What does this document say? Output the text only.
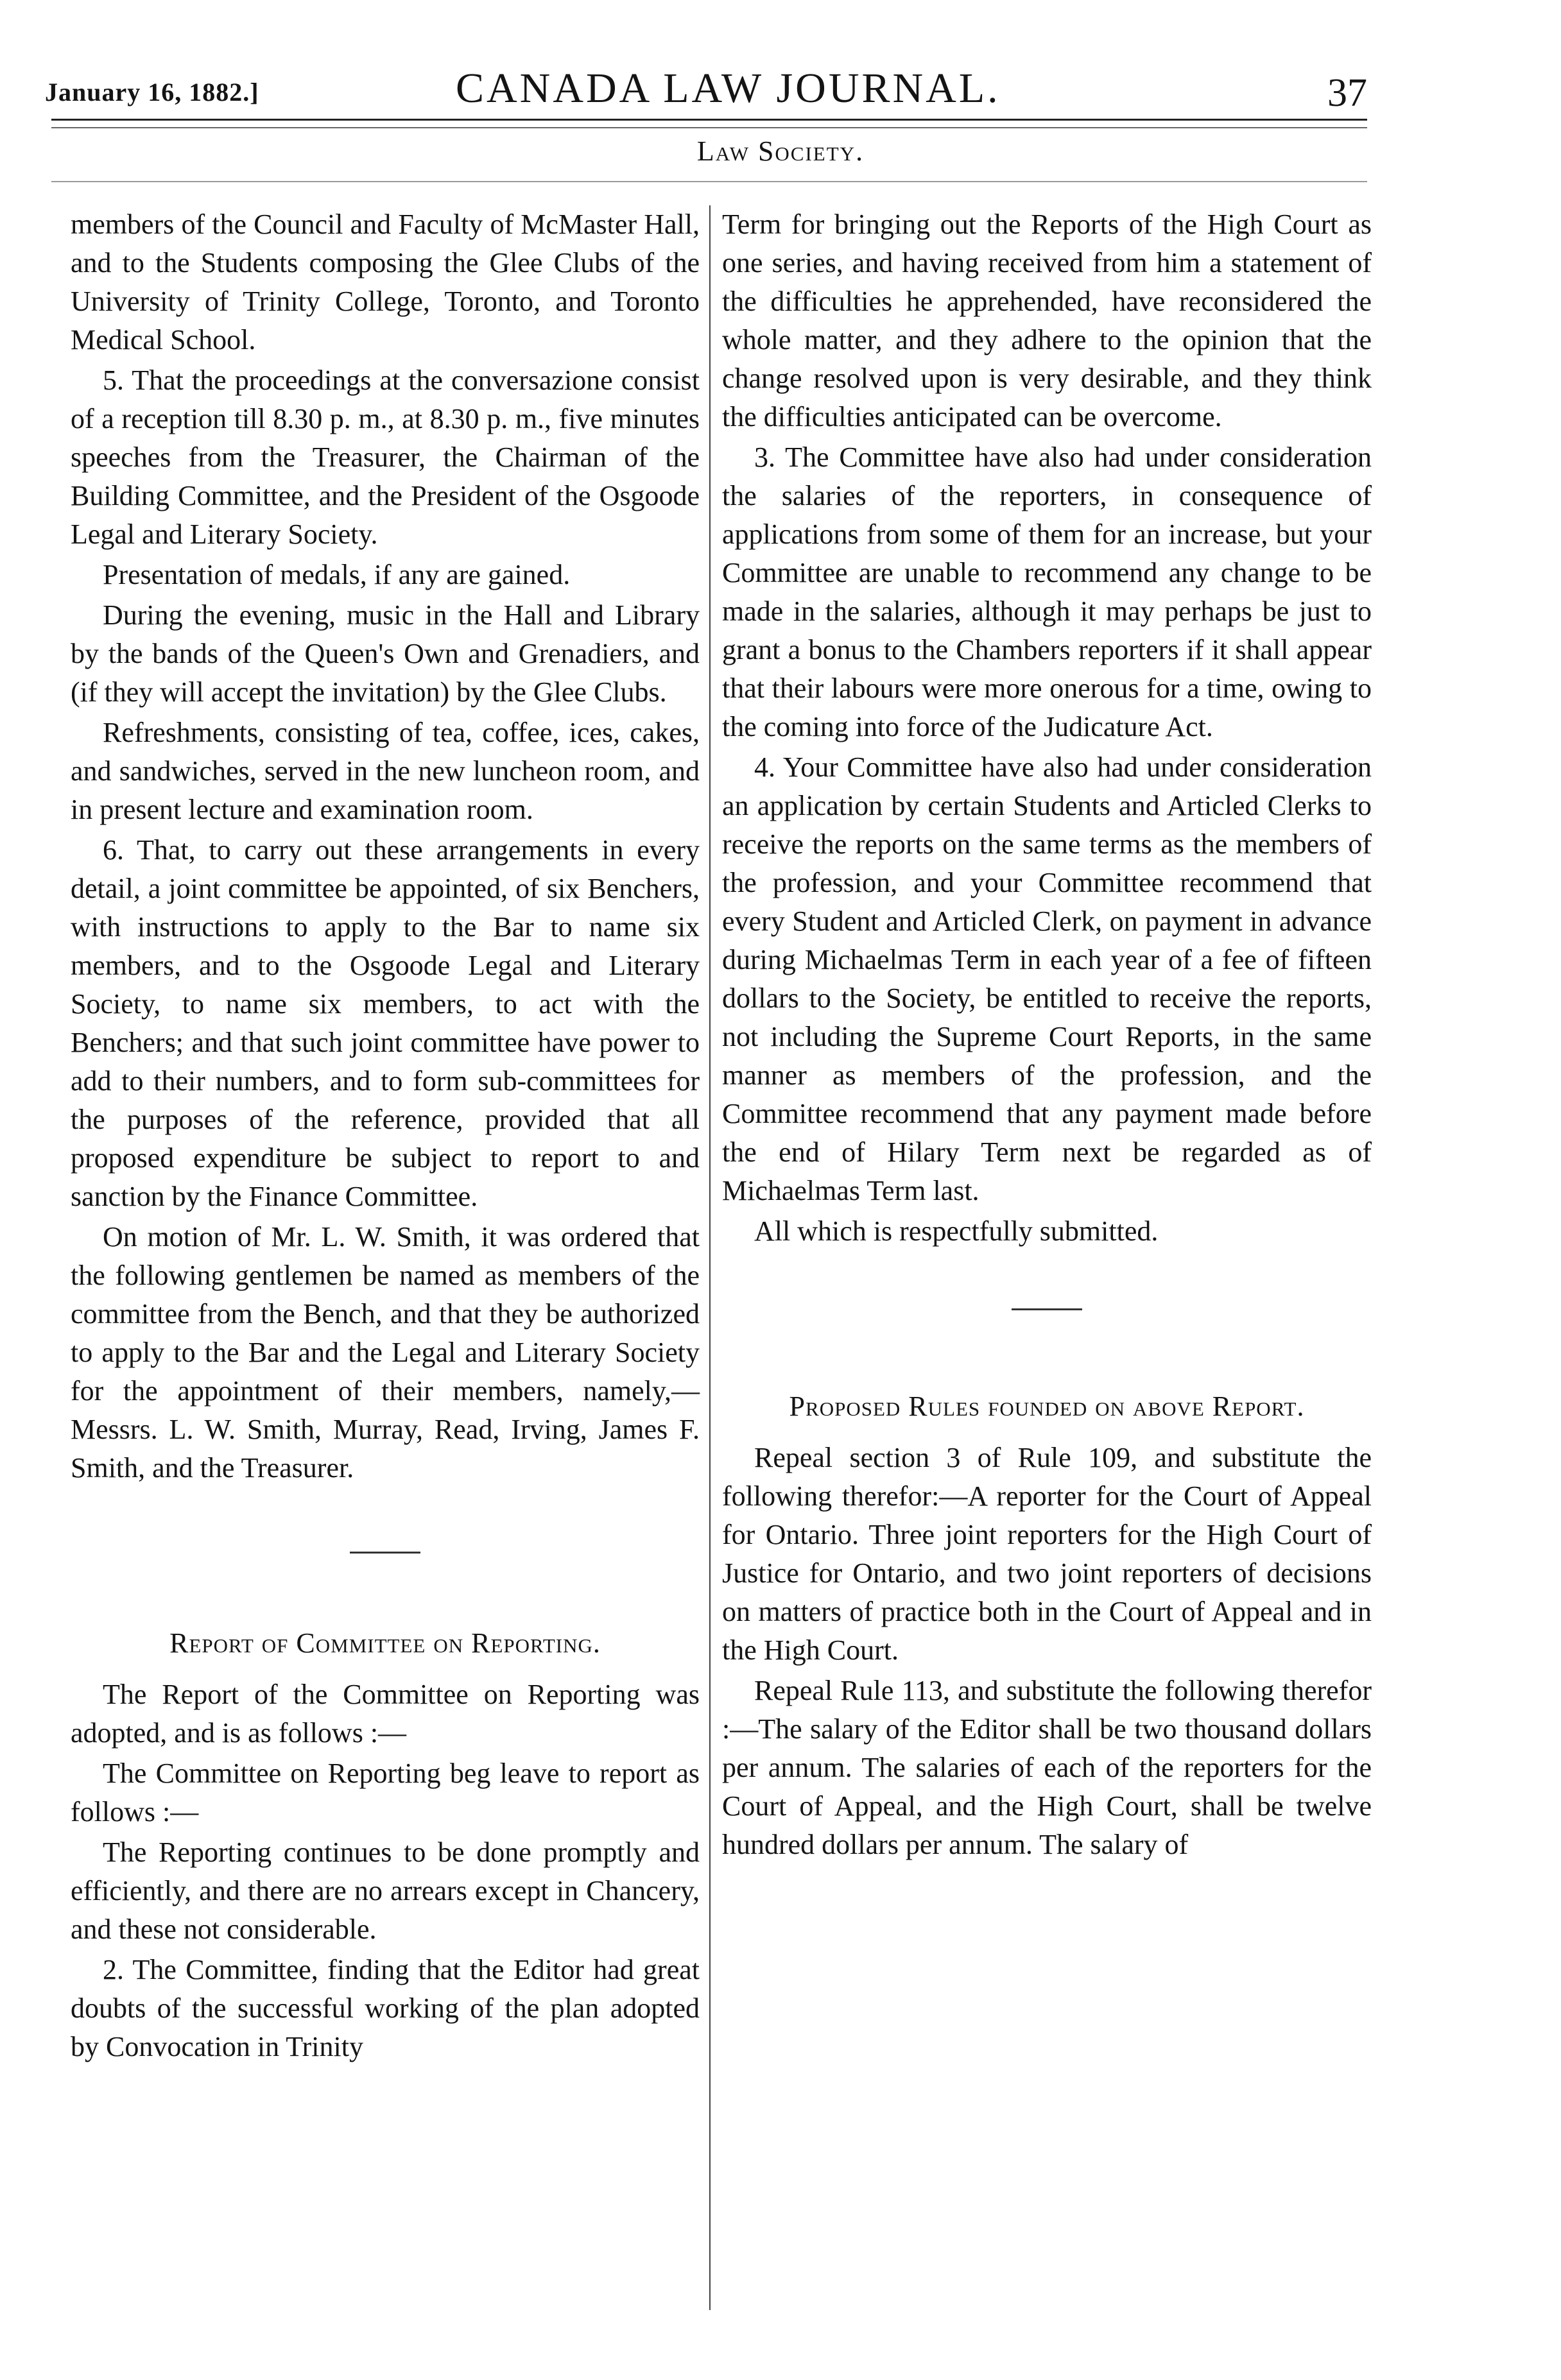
January 16, 1882.]	CANADA LAW JOURNAL.	37
Law Society.

members of the Council and Faculty of McMaster Hall, and to the Students composing the Glee Clubs of the University of Trinity College, Toronto, and Toronto Medical School.

5. That the proceedings at the conversazione consist of a reception till 8.30 p. m., at 8.30 p. m., five minutes speeches from the Treasurer, the Chairman of the Building Committee, and the President of the Osgoode Legal and Literary Society.

Presentation of medals, if any are gained.

During the evening, music in the Hall and Library by the bands of the Queen's Own and Grenadiers, and (if they will accept the invitation) by the Glee Clubs.

Refreshments, consisting of tea, coffee, ices, cakes, and sandwiches, served in the new luncheon room, and in present lecture and examination room.

6. That, to carry out these arrangements in every detail, a joint committee be appointed, of six Benchers, with instructions to apply to the Bar to name six members, and to the Osgoode Legal and Literary Society, to name six members, to act with the Benchers; and that such joint committee have power to add to their numbers, and to form sub-committees for the purposes of the reference, provided that all proposed expenditure be subject to report to and sanction by the Finance Committee.

On motion of Mr. L. W. Smith, it was ordered that the following gentlemen be named as members of the committee from the Bench, and that they be authorized to apply to the Bar and the Legal and Literary Society for the appointment of their members, namely,—Messrs. L. W. Smith, Murray, Read, Irving, James F. Smith, and the Treasurer.

Report of Committee on Reporting.

The Report of the Committee on Reporting was adopted, and is as follows :—

The Committee on Reporting beg leave to report as follows :—

The Reporting continues to be done promptly and efficiently, and there are no arrears except in Chancery, and these not considerable.

2. The Committee, finding that the Editor had great doubts of the successful working of the plan adopted by Convocation in Trinity

Term for bringing out the Reports of the High Court as one series, and having received from him a statement of the difficulties he apprehended, have reconsidered the whole matter, and they adhere to the opinion that the change resolved upon is very desirable, and they think the difficulties anticipated can be overcome.

3. The Committee have also had under consideration the salaries of the reporters, in consequence of applications from some of them for an increase, but your Committee are unable to recommend any change to be made in the salaries, although it may perhaps be just to grant a bonus to the Chambers reporters if it shall appear that their labours were more onerous for a time, owing to the coming into force of the Judicature Act.

4. Your Committee have also had under consideration an application by certain Students and Articled Clerks to receive the reports on the same terms as the members of the profession, and your Committee recommend that every Student and Articled Clerk, on payment in advance during Michaelmas Term in each year of a fee of fifteen dollars to the Society, be entitled to receive the reports, not including the Supreme Court Reports, in the same manner as members of the profession, and the Committee recommend that any payment made before the end of Hilary Term next be regarded as of Michaelmas Term last.

All which is respectfully submitted.

Proposed Rules founded on above Report.

Repeal section 3 of Rule 109, and substitute the following therefor:—A reporter for the Court of Appeal for Ontario. Three joint reporters for the High Court of Justice for Ontario, and two joint reporters of decisions on matters of practice both in the Court of Appeal and in the High Court.

Repeal Rule 113, and substitute the following therefor :—The salary of the Editor shall be two thousand dollars per annum. The salaries of each of the reporters for the Court of Appeal, and the High Court, shall be twelve hundred dollars per annum. The salary of
